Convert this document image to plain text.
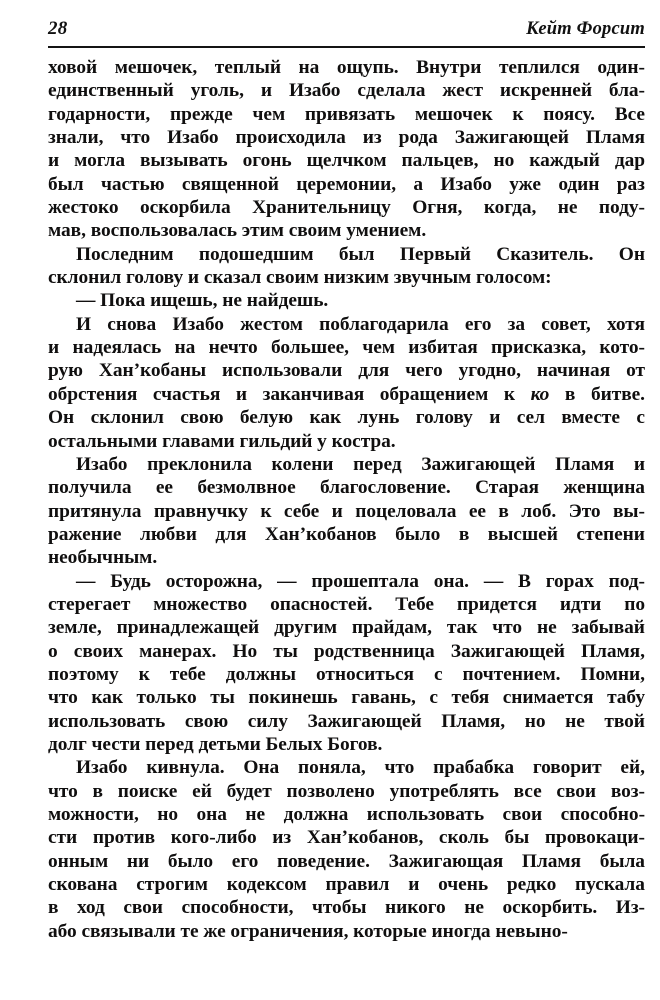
28	Кейт Форсит
ховой мешочек, теплый на ощупь. Внутри теплился один-
единственный уголь, и Изабо сделала жест искренней бла-
годарности, прежде чем привязать мешочек к поясу. Все
знали, что Изабо происходила из рода Зажигающей Пламя
и могла вызывать огонь щелчком пальцев, но каждый дар
был частью священной церемонии, а Изабо уже один раз
жестоко оскорбила Хранительницу Огня, когда, не поду-
мав, воспользовалась этим своим умением.
Последним подошедшим был Первый Сказитель. Он
склонил голову и сказал своим низким звучным голосом:
— Пока ищешь, не найдешь.
И снова Изабо жестом поблагодарила его за совет, хотя
и надеялась на нечто большее, чем избитая присказка, кото-
рую Хан’кобаны использовали для чего угодно, начиная от
обрстения счастья и заканчивая обращением к ко в битве.
Он склонил свою белую как лунь голову и сел вместе с
остальными главами гильдий у костра.
Изабо преклонила колени перед Зажигающей Пламя и
получила ее безмолвное благословение. Старая женщина
притянула правнучку к себе и поцеловала ее в лоб. Это вы-
ражение любви для Хан’кобанов было в высшей степени
необычным.
— Будь осторожна, — прошептала она. — В горах под-
стерегает множество опасностей. Тебе придется идти по
земле, принадлежащей другим прайдам, так что не забывай
о своих манерах. Но ты родственница Зажигающей Пламя,
поэтому к тебе должны относиться с почтением. Помни,
что как только ты покинешь гавань, с тебя снимается табу
использовать свою силу Зажигающей Пламя, но не твой
долг чести перед детьми Белых Богов.
Изабо кивнула. Она поняла, что прабабка говорит ей,
что в поиске ей будет позволено употреблять все свои воз-
можности, но она не должна использовать свои способно-
сти против кого-либо из Хан’кобанов, сколь бы провокаци-
онным ни было его поведение. Зажигающая Пламя была
скована строгим кодексом правил и очень редко пускала
в ход свои способности, чтобы никого не оскорбить. Из-
або связывали те же ограничения, которые иногда невыно-
